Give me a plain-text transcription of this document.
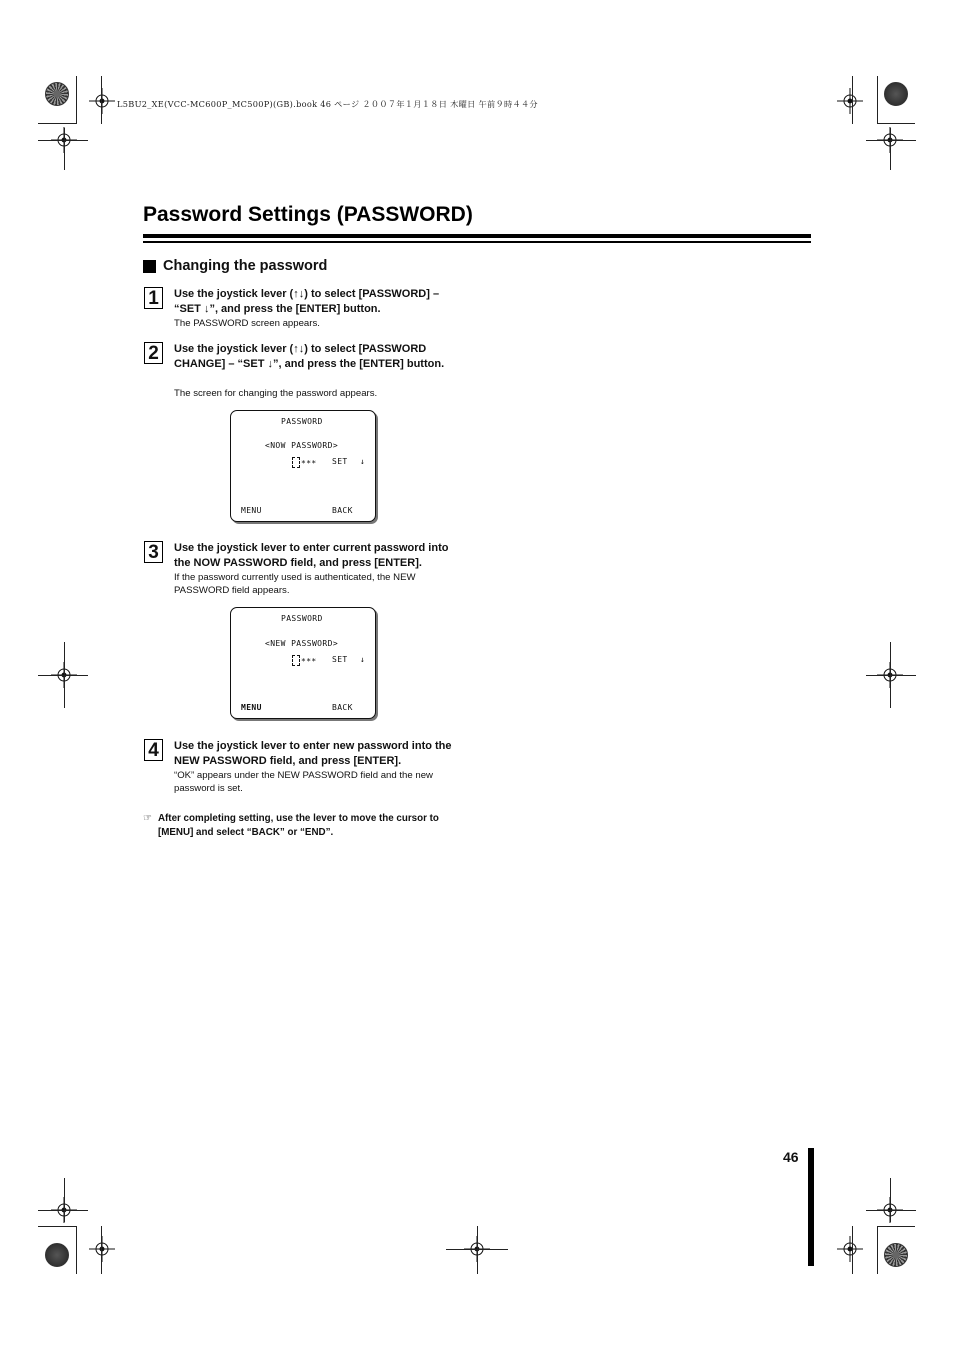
L5BU2_XE(VCC-MC600P_MC500P)(GB).book 46 ページ ２００７年１月１８日 木曜日 午前９時４４分
Password Settings (PASSWORD)
Changing the password
1 Use the joystick lever (↑↓) to select [PASSWORD] – “SET ↓”, and press the [ENTER] button.
The PASSWORD screen appears.
2 Use the joystick lever (↑↓) to select [PASSWORD CHANGE] – “SET ↓”, and press the [ENTER] button.
The screen for changing the password appears.
PASSWORD
<NOW PASSWORD>
*** SET ↓
MENU	BACK
3 Use the joystick lever to enter current password into the NOW PASSWORD field, and press [ENTER].
If the password currently used is authenticated, the NEW PASSWORD field appears.
PASSWORD
<NEW PASSWORD>
*** SET ↓
MENU	BACK
4 Use the joystick lever to enter new password into the NEW PASSWORD field, and press [ENTER].
“OK” appears under the NEW PASSWORD field and the new password is set.
☞ After completing setting, use the lever to move the cursor to [MENU] and select “BACK” or “END”.
46
